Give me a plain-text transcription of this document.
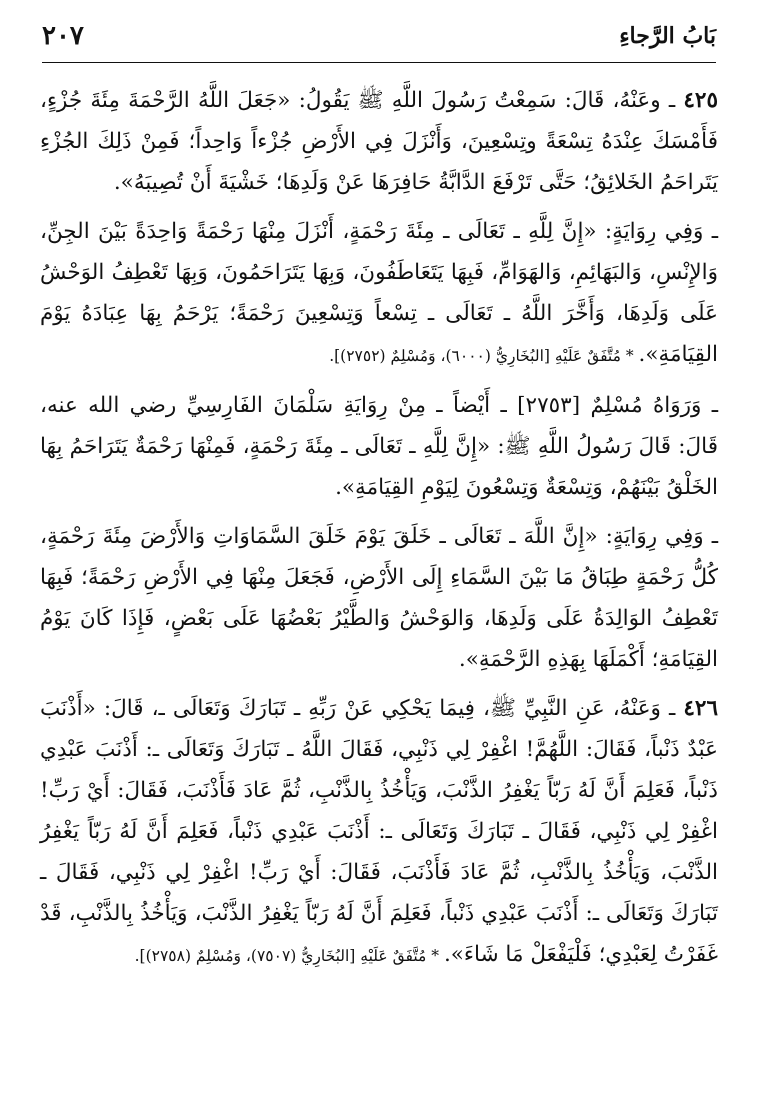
بَابُ الرَّجاءِ
٢٠٧

٤٢٥ ـ وعَنْهُ، قَالَ: سَمِعْتُ رَسُولَ اللَّهِ ﷺ يَقُولُ: «جَعَلَ اللَّهُ الرَّحْمَةَ مِئَةَ جُزْءٍ، فَأَمْسَكَ عِنْدَهُ تِسْعَةً وتِسْعِينَ، وَأَنْزَلَ فِي الأَرْضِ جُزْءاً وَاحِداً؛ فَمِنْ ذَلِكَ الجُزْءِ يَتَراحَمُ الخَلائِقُ؛ حَتَّى تَرْفَعَ الدَّابَّةُ حَافِرَهَا عَنْ وَلَدِهَا؛ خَشْيَةَ أَنْ تُصِيبَهُ».

ـ وَفِي رِوَايَةٍ: «إِنَّ لِلَّهِ ـ تَعَالَى ـ مِئَةَ رَحْمَةٍ، أَنْزَلَ مِنْهَا رَحْمَةً وَاحِدَةً بَيْنَ الجِنِّ، وَالإِنْسِ، وَالبَهَائِمِ، وَالهَوَامِّ، فَبِهَا يَتَعَاطَفُونَ، وَبِهَا يَتَرَاحَمُونَ، وَبِهَا تَعْطِفُ الوَحْشُ عَلَى وَلَدِهَا، وَأَخَّرَ اللَّهُ ـ تَعَالَى ـ تِسْعاً وَتِسْعِينَ رَحْمَةً؛ يَرْحَمُ بِهَا عِبَادَهُ يَوْمَ القِيَامَةِ». * مُتَّفَقٌ عَلَيْهِ [البُخَارِيُّ (٦٠٠٠)، وَمُسْلِمٌ (٢٧٥٢)].

ـ وَرَوَاهُ مُسْلِمٌ [٢٧٥٣] ـ أَيْضاً ـ مِنْ رِوَايَةِ سَلْمَانَ الفَارِسِيِّ رضي الله عنه، قَالَ: قَالَ رَسُولُ اللَّهِ ﷺ: «إِنَّ لِلَّهِ ـ تَعَالَى ـ مِئَةَ رَحْمَةٍ، فَمِنْهَا رَحْمَةٌ يَتَرَاحَمُ بِهَا الخَلْقُ بَيْنَهُمْ، وَتِسْعَةٌ وَتِسْعُونَ لِيَوْمِ القِيَامَةِ».

ـ وَفِي رِوَايَةٍ: «إِنَّ اللَّهَ ـ تَعَالَى ـ خَلَقَ يَوْمَ خَلَقَ السَّمَاوَاتِ وَالأَرْضَ مِئَةَ رَحْمَةٍ، كُلُّ رَحْمَةٍ طِبَاقُ مَا بَيْنَ السَّمَاءِ إِلَى الأَرْضِ، فَجَعَلَ مِنْهَا فِي الأَرْضِ رَحْمَةً؛ فَبِهَا تَعْطِفُ الوَالِدَةُ عَلَى وَلَدِهَا، وَالوَحْشُ وَالطَّيْرُ بَعْضُهَا عَلَى بَعْضٍ، فَإِذَا كَانَ يَوْمُ القِيَامَةِ؛ أَكْمَلَهَا بِهَذِهِ الرَّحْمَةِ».

٤٢٦ ـ وَعَنْهُ، عَنِ النَّبِيِّ ﷺ، فِيمَا يَحْكِي عَنْ رَبِّهِ ـ تَبَارَكَ وَتَعَالَى ـ، قَالَ: «أَذْنَبَ عَبْدٌ ذَنْباً، فَقَالَ: اللَّهُمَّ! اغْفِرْ لِي ذَنْبِي، فَقَالَ اللَّهُ ـ تَبَارَكَ وَتَعَالَى ـ: أَذْنَبَ عَبْدِي ذَنْباً، فَعَلِمَ أَنَّ لَهُ رَبّاً يَغْفِرُ الذَّنْبَ، وَيَأْخُذُ بِالذَّنْبِ، ثُمَّ عَادَ فَأَذْنَبَ، فَقَالَ: أَيْ رَبِّ! اغْفِرْ لِي ذَنْبِي، فَقَالَ ـ تَبَارَكَ وَتَعَالَى ـ: أَذْنَبَ عَبْدِي ذَنْباً، فَعَلِمَ أَنَّ لَهُ رَبّاً يَغْفِرُ الذَّنْبَ، وَيَأْخُذُ بِالذَّنْبِ، ثُمَّ عَادَ فَأَذْنَبَ، فَقَالَ: أَيْ رَبِّ! اغْفِرْ لِي ذَنْبِي، فَقَالَ ـ تَبَارَكَ وَتَعَالَى ـ: أَذْنَبَ عَبْدِي ذَنْباً، فَعَلِمَ أَنَّ لَهُ رَبّاً يَغْفِرُ الذَّنْبَ، وَيَأْخُذُ بِالذَّنْبِ، قَدْ غَفَرْتُ لِعَبْدِي؛ فَلْيَفْعَلْ مَا شَاءَ». * مُتَّفَقٌ عَلَيْهِ [البُخَارِيُّ (٧٥٠٧)، وَمُسْلِمٌ (٢٧٥٨)].
